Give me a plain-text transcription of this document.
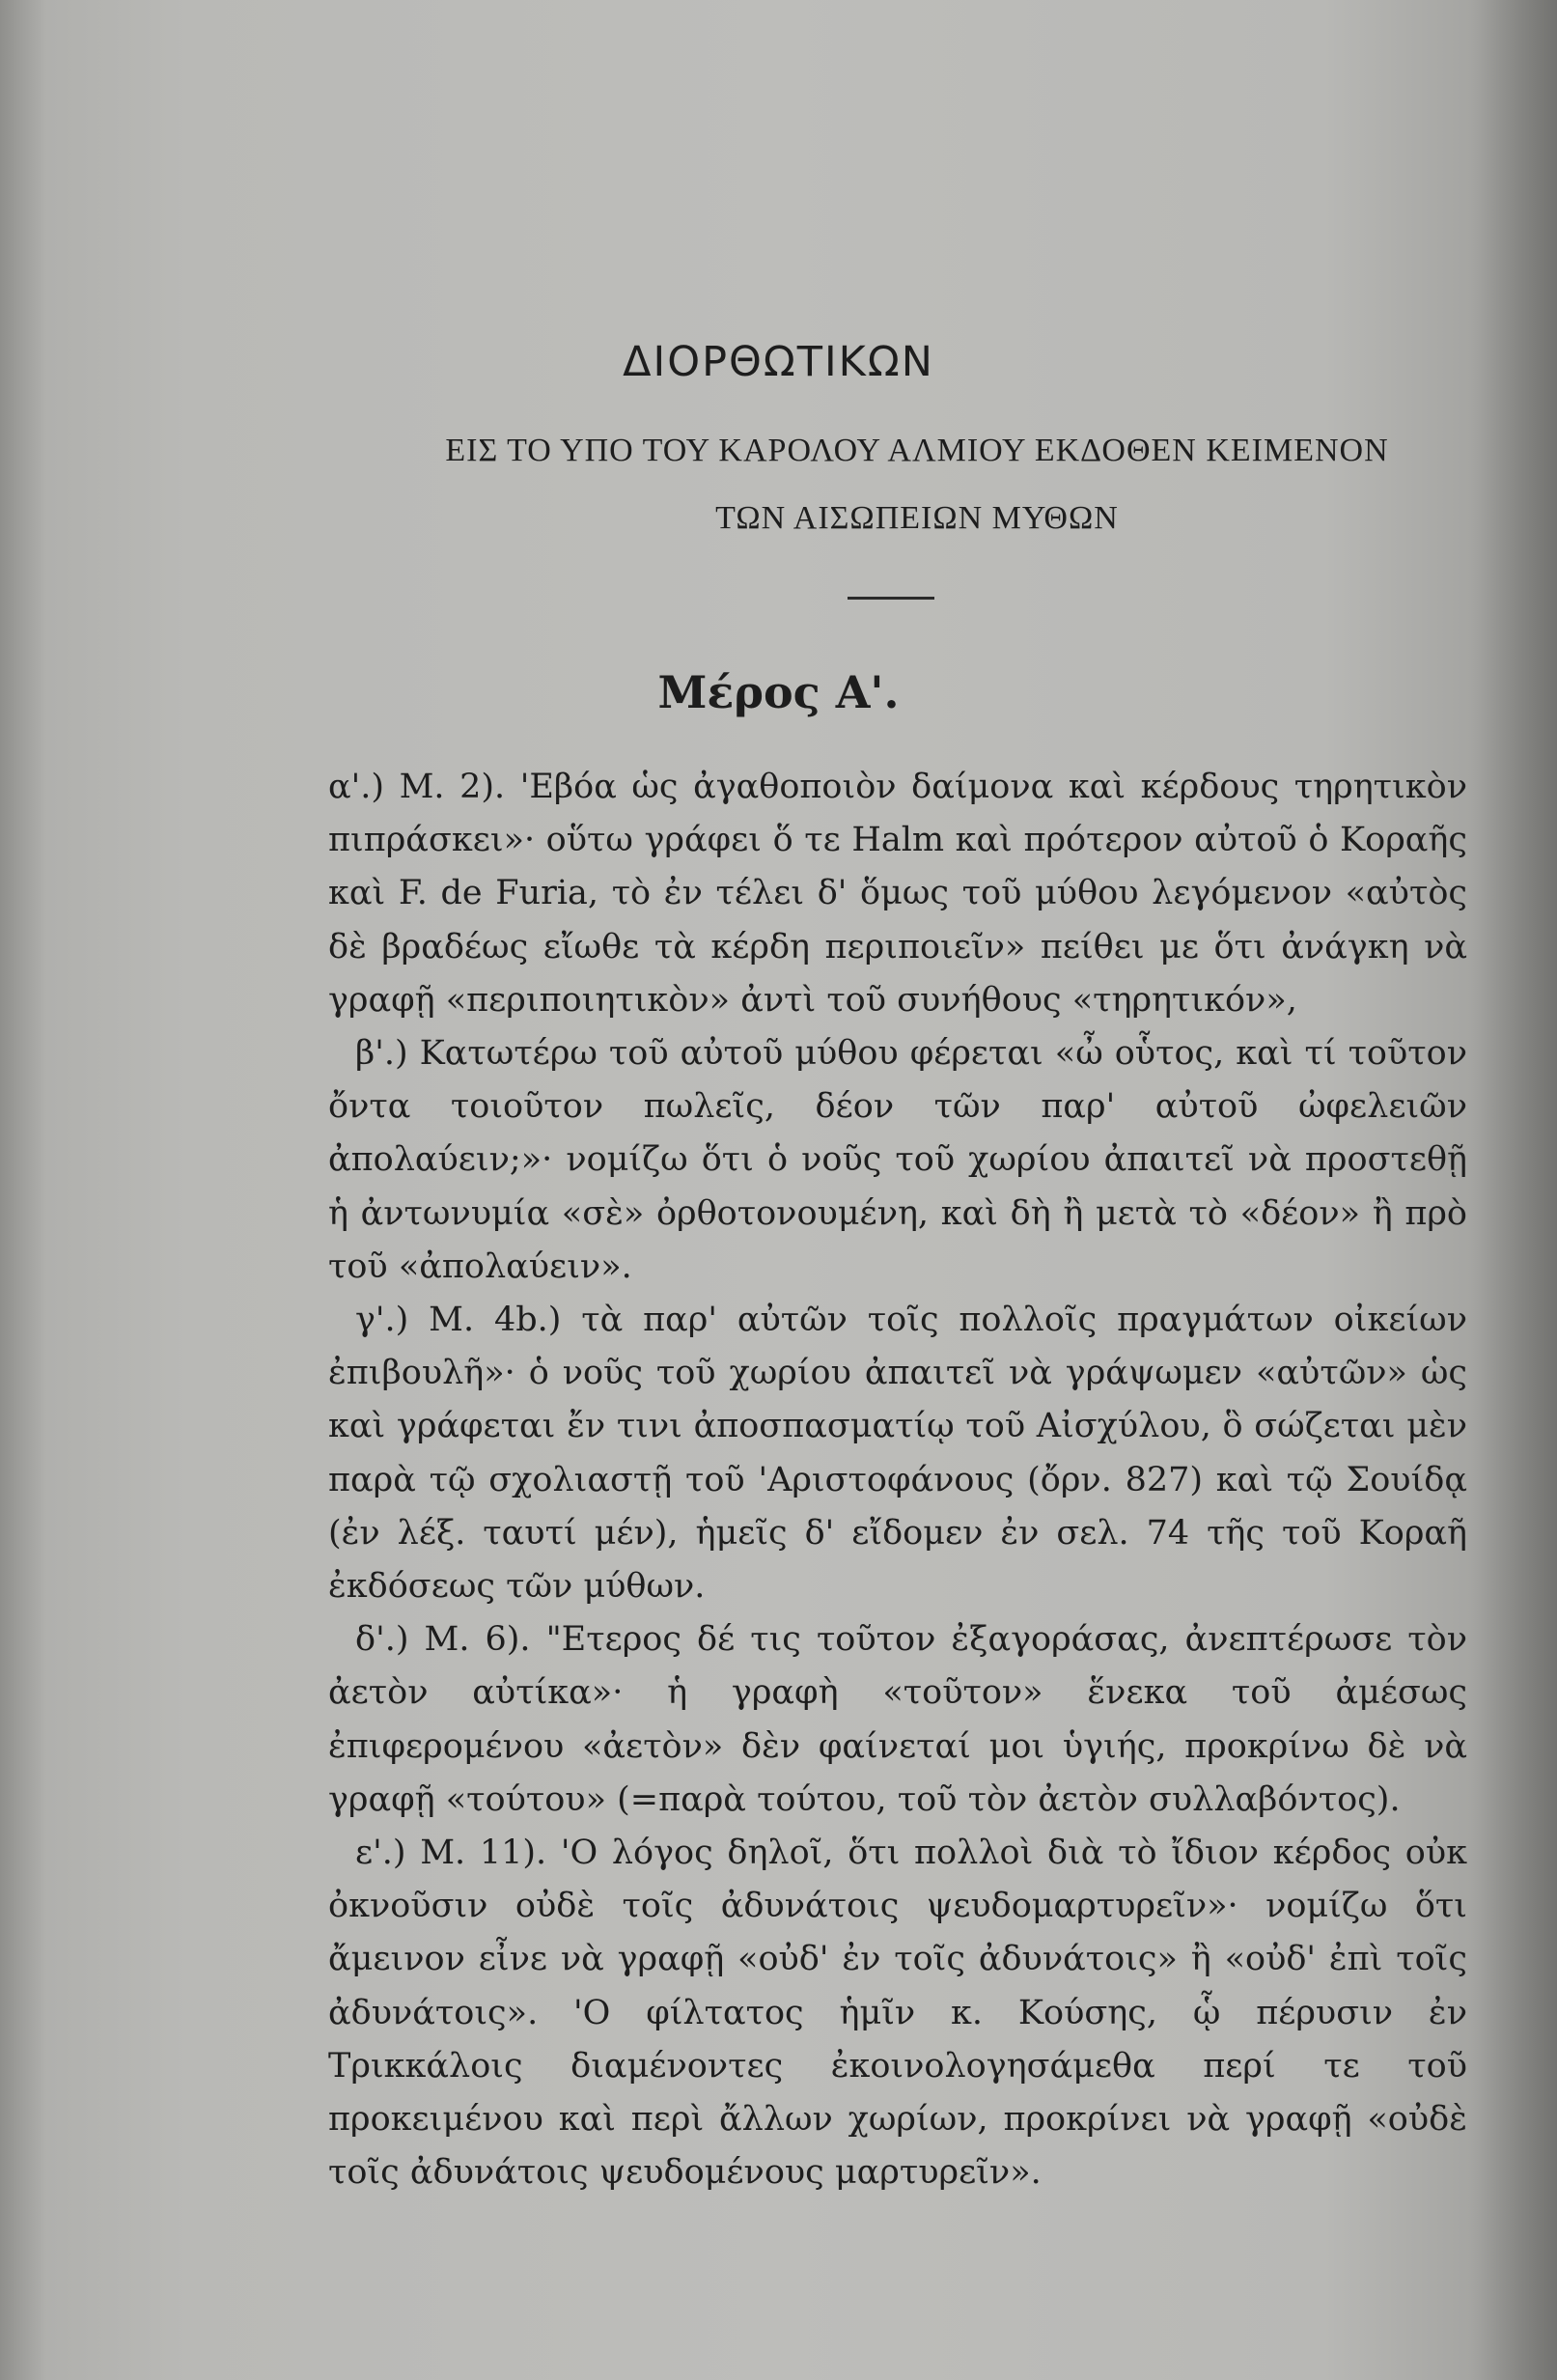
ΔΙΟΡΘΩΤΙΚΩΝ
ΕΙΣ ΤΟ ΥΠΟ ΤΟΥ ΚΑΡΟΛΟΥ ΑΛΜΙΟΥ ΕΚΔΟΘΕΝ ΚΕΙΜΕΝΟΝ
ΤΩΝ ΑΙΣΩΠΕΙΩΝ ΜΥΘΩΝ
Μέρος Α'.

α'.) Μ. 2). 'Εβόα ὡς ἀγαθοποιὸν δαίμονα καὶ κέρδους τηρητικὸν πιπράσκει»· οὕτω γράφει ὅ τε Halm καὶ πρότερον αὐτοῦ ὁ Κοραῆς καὶ F. de Furia, τὸ ἐν τέλει δ' ὅμως τοῦ μύθου λεγόμενον «αὐτὸς δὲ βραδέως εἴωθε τὰ κέρδη περιποιεῖν» πείθει με ὅτι ἀνάγκη νὰ γραφῇ «περιποιητικὸν» ἀντὶ τοῦ συνήθους «τηρητικόν»,

β'.) Κατωτέρω τοῦ αὐτοῦ μύθου φέρεται «ὦ οὗτος, καὶ τί τοῦτον ὄντα τοιοῦτον πωλεῖς, δέον τῶν παρ' αὐτοῦ ὠφελειῶν ἀπολαύειν;»· νομίζω ὅτι ὁ νοῦς τοῦ χωρίου ἀπαιτεῖ νὰ προστεθῇ ἡ ἀντωνυμία «σὲ» ὀρθοτονουμένη, καὶ δὴ ἢ μετὰ τὸ «δέον» ἢ πρὸ τοῦ «ἀπολαύειν».

γ'.) Μ. 4b.) τὰ παρ' αὐτῶν τοῖς πολλοῖς πραγμάτων οἰκείων ἐπιβουλῆ»· ὁ νοῦς τοῦ χωρίου ἀπαιτεῖ νὰ γράψωμεν «αὐτῶν» ὡς καὶ γράφεται ἔν τινι ἀποσπασματίῳ τοῦ Αἰσχύλου, ὃ σώζεται μὲν παρὰ τῷ σχολιαστῇ τοῦ 'Αριστοφάνους (ὄρν. 827) καὶ τῷ Σουίδᾳ (ἐν λέξ. ταυτί μέν), ἡμεῖς δ' εἴδομεν ἐν σελ. 74 τῆς τοῦ Κοραῆ ἐκδόσεως τῶν μύθων.

δ'.) Μ. 6). "Ετερος δέ τις τοῦτον ἐξαγοράσας, ἀνεπτέρωσε τὸν ἀετὸν αὐτίκα»· ἡ γραφὴ «τοῦτον» ἕνεκα τοῦ ἀμέσως ἐπιφερομένου «ἀετὸν» δὲν φαίνεταί μοι ὑγιής, προκρίνω δὲ νὰ γραφῇ «τούτου» (=παρὰ τούτου, τοῦ τὸν ἀετὸν συλλαβόντος).

ε'.) Μ. 11). 'Ο λόγος δηλοῖ, ὅτι πολλοὶ διὰ τὸ ἴδιον κέρδος οὐκ ὀκνοῦσιν οὐδὲ τοῖς ἀδυνάτοις ψευδομαρτυρεῖν»· νομίζω ὅτι ἄμεινον εἶνε νὰ γραφῇ «οὐδ' ἐν τοῖς ἀδυνάτοις» ἢ «οὐδ' ἐπὶ τοῖς ἀδυνάτοις». 'Ο φίλτατος ἡμῖν κ. Κούσης, ᾧ πέρυσιν ἐν Τρικκάλοις διαμένοντες ἐκοινολογησάμεθα περί τε τοῦ προκειμένου καὶ περὶ ἄλλων χωρίων, προκρίνει νὰ γραφῇ «οὐδὲ τοῖς ἀδυνάτοις ψευδομένους μαρτυρεῖν».
